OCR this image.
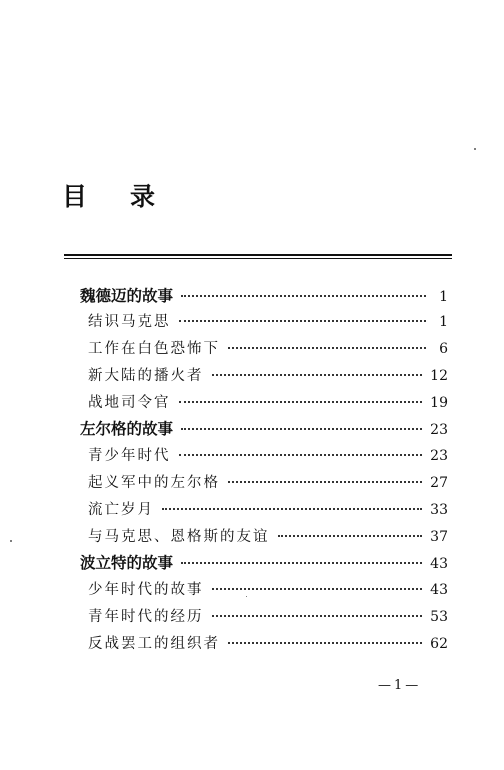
目 录
魏德迈的故事	1
结识马克思	1
工作在白色恐怖下	6
新大陆的播火者	12
战地司令官	19
左尔格的故事	23
青少年时代	23
起义军中的左尔格	27
流亡岁月	33
与马克思、恩格斯的友谊	37
波立特的故事	43
少年时代的故事	43
青年时代的经历	53
反战罢工的组织者	62
—1—
